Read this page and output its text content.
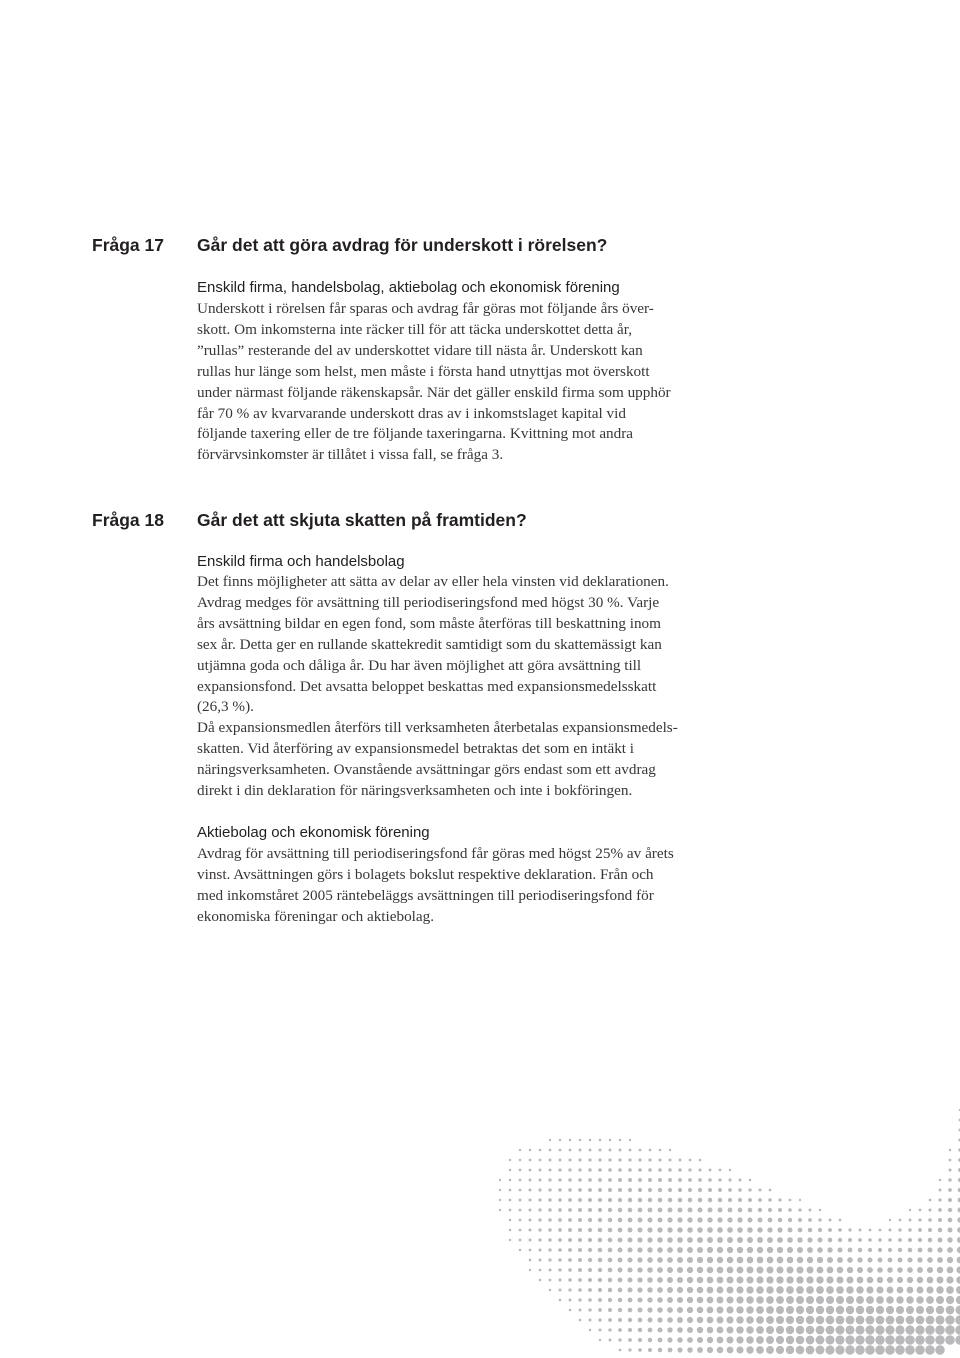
Fråga 17 Går det att göra avdrag för underskott i rörelsen?
Enskild firma, handelsbolag, aktiebolag och ekonomisk förening
Underskott i rörelsen får sparas och avdrag får göras mot följande års över-
skott. Om inkomsterna inte räcker till för att täcka underskottet detta år,
”rullas” resterande del av underskottet vidare till nästa år. Underskott kan
rullas hur länge som helst, men måste i första hand utnyttjas mot överskott
under närmast följande räkenskapsår. När det gäller enskild firma som upphör
får 70 % av kvarvarande underskott dras av i inkomstslaget kapital vid
följande taxering eller de tre följande taxeringarna. Kvittning mot andra
förvärvsinkomster är tillåtet i vissa fall, se fråga 3.
Fråga 18 Går det att skjuta skatten på framtiden?
Enskild firma och handelsbolag
Det finns möjligheter att sätta av delar av eller hela vinsten vid deklarationen.
Avdrag medges för avsättning till periodiseringsfond med högst 30 %. Varje
års avsättning bildar en egen fond, som måste återföras till beskattning inom
sex år. Detta ger en rullande skattekredit samtidigt som du skattemässigt kan
utjämna goda och dåliga år. Du har även möjlighet att göra avsättning till
expansionsfond. Det avsatta beloppet beskattas med expansionsmedelsskatt
(26,3 %).
Då expansionsmedlen återförs till verksamheten återbetalas expansionsmedels-
skatten. Vid återföring av expansionsmedel betraktas det som en intäkt i
näringsverksamheten. Ovanstående avsättningar görs endast som ett avdrag
direkt i din deklaration för näringsverksamheten och inte i bokföringen.
Aktiebolag och ekonomisk förening
Avdrag för avsättning till periodiseringsfond får göras med högst 25% av årets
vinst. Avsättningen görs i bolagets bokslut respektive deklaration. Från och
med inkomståret 2005 räntebeläggs avsättningen till periodiseringsfond för
ekonomiska föreningar och aktiebolag.
